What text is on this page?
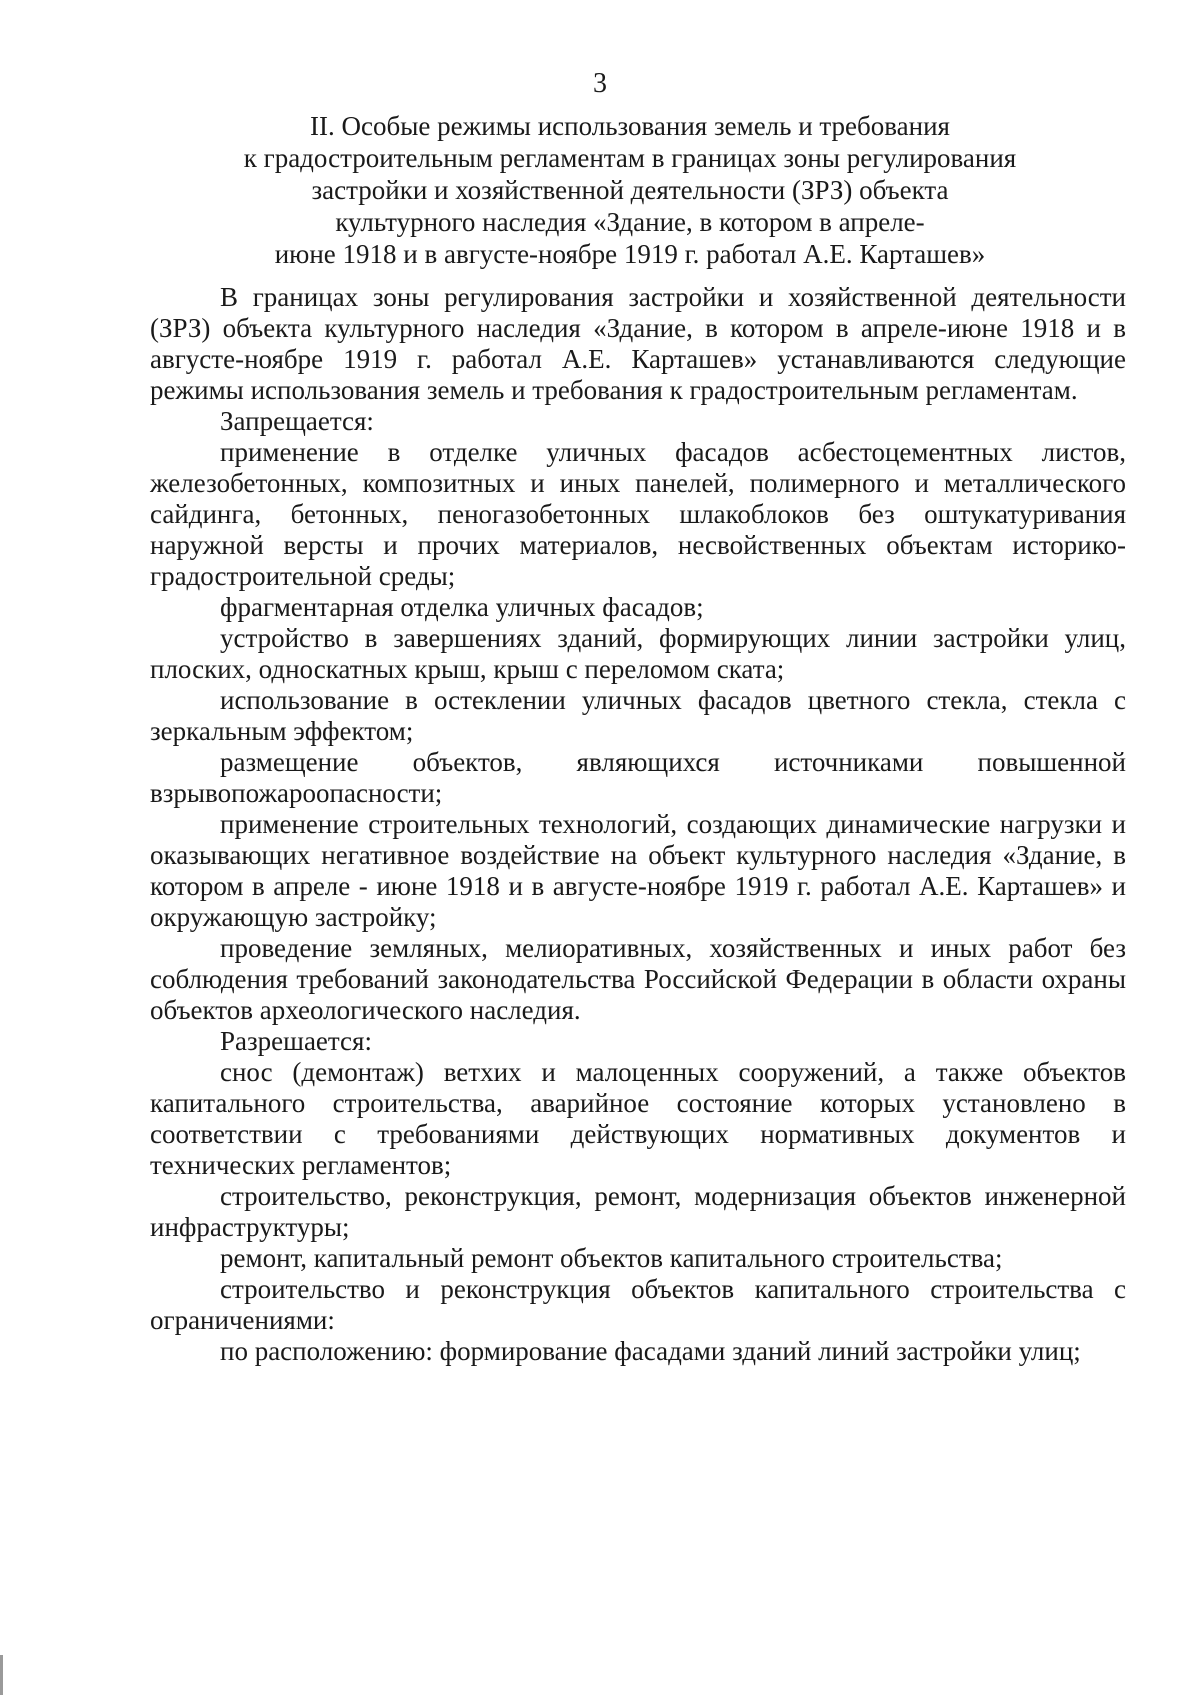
3
II. Особые режимы использования земель и требования
к градостроительным регламентам в границах зоны регулирования
застройки и хозяйственной деятельности (ЗРЗ) объекта
культурного наследия «Здание, в котором в апреле-
июне 1918 и в августе-ноябре 1919 г. работал А.Е. Карташев»

В границах зоны регулирования застройки и хозяйственной деятельности (ЗРЗ) объекта культурного наследия «Здание, в котором в апреле-июне 1918 и в августе-ноябре 1919 г. работал А.Е. Карташев» устанавливаются следующие режимы использования земель и требования к градостроительным регламентам.

Запрещается:

применение в отделке уличных фасадов асбестоцементных листов, железобетонных, композитных и иных панелей, полимерного и металлического сайдинга, бетонных, пеногазобетонных шлакоблоков без оштукатуривания наружной версты и прочих материалов, несвойственных объектам историко-градостроительной среды;

фрагментарная отделка уличных фасадов;

устройство в завершениях зданий, формирующих линии застройки улиц, плоских, односкатных крыш, крыш с переломом ската;

использование в остеклении уличных фасадов цветного стекла, стекла с зеркальным эффектом;

размещение объектов, являющихся источниками повышенной взрывопожароопасности;

применение строительных технологий, создающих динамические нагрузки и оказывающих негативное воздействие на объект культурного наследия «Здание, в котором в апреле - июне 1918 и в августе-ноябре 1919 г. работал А.Е. Карташев» и окружающую застройку;

проведение земляных, мелиоративных, хозяйственных и иных работ без соблюдения требований законодательства Российской Федерации в области охраны объектов археологического наследия.

Разрешается:

снос (демонтаж) ветхих и малоценных сооружений, а также объектов капитального строительства, аварийное состояние которых установлено в соответствии с требованиями действующих нормативных документов и технических регламентов;

строительство, реконструкция, ремонт, модернизация объектов инженерной инфраструктуры;

ремонт, капитальный ремонт объектов капитального строительства;

строительство и реконструкция объектов капитального строительства с ограничениями:

по расположению: формирование фасадами зданий линий застройки улиц;
